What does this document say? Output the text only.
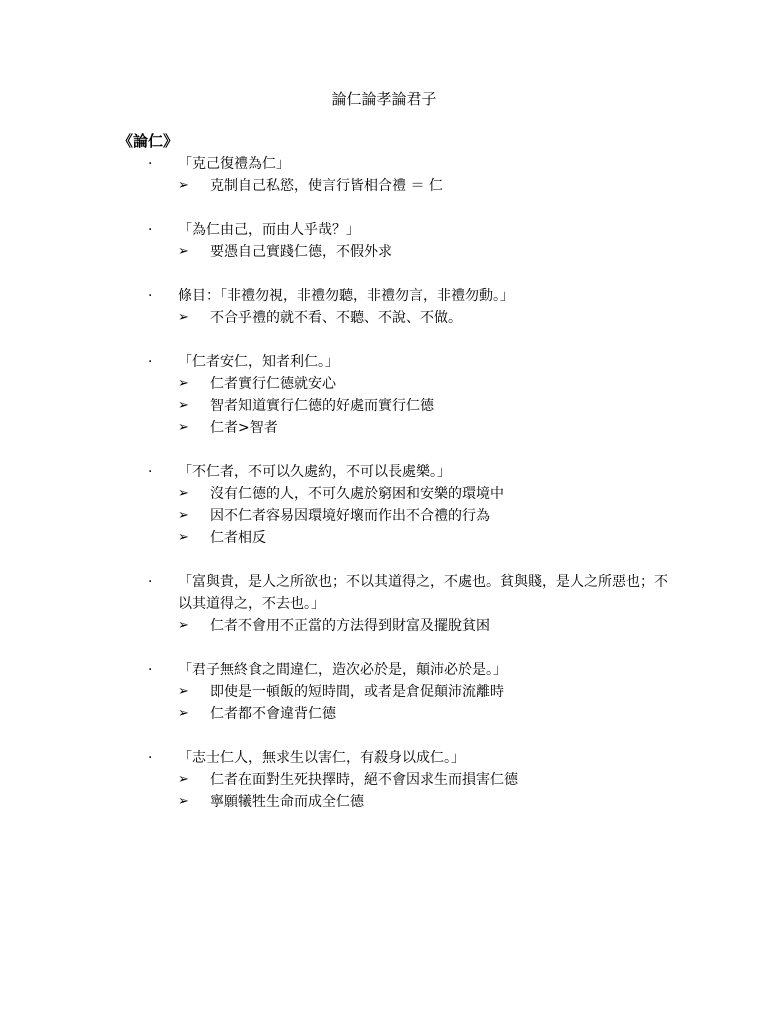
論仁論孝論君子
《論仁》
· 「克己復禮為仁」
➢ 克制自己私慾，使言行皆相合禮 ＝ 仁
· 「為仁由己，而由人乎哉？」
➢ 要憑自己實踐仁德，不假外求
· 條目：「非禮勿視，非禮勿聽，非禮勿言，非禮勿動。」
➢ 不合乎禮的就不看、不聽、不說、不做。
· 「仁者安仁，知者利仁。」
➢ 仁者實行仁德就安心
➢ 智者知道實行仁德的好處而實行仁德
➢ 仁者>智者
· 「不仁者，不可以久處約，不可以長處樂。」
➢ 沒有仁德的人，不可久處於窮困和安樂的環境中
➢ 因不仁者容易因環境好壞而作出不合禮的行為
➢ 仁者相反
· 「富與貴，是人之所欲也；不以其道得之，不處也。貧與賤，是人之所惡也；不以其道得之，不去也。」
➢ 仁者不會用不正當的方法得到財富及擺脫貧困
· 「君子無終食之間違仁，造次必於是，顛沛必於是。」
➢ 即使是一頓飯的短時間，或者是倉促顛沛流離時
➢ 仁者都不會違背仁德
· 「志士仁人，無求生以害仁，有殺身以成仁。」
➢ 仁者在面對生死抉擇時，絕不會因求生而損害仁德
➢ 寧願犧牲生命而成全仁德
